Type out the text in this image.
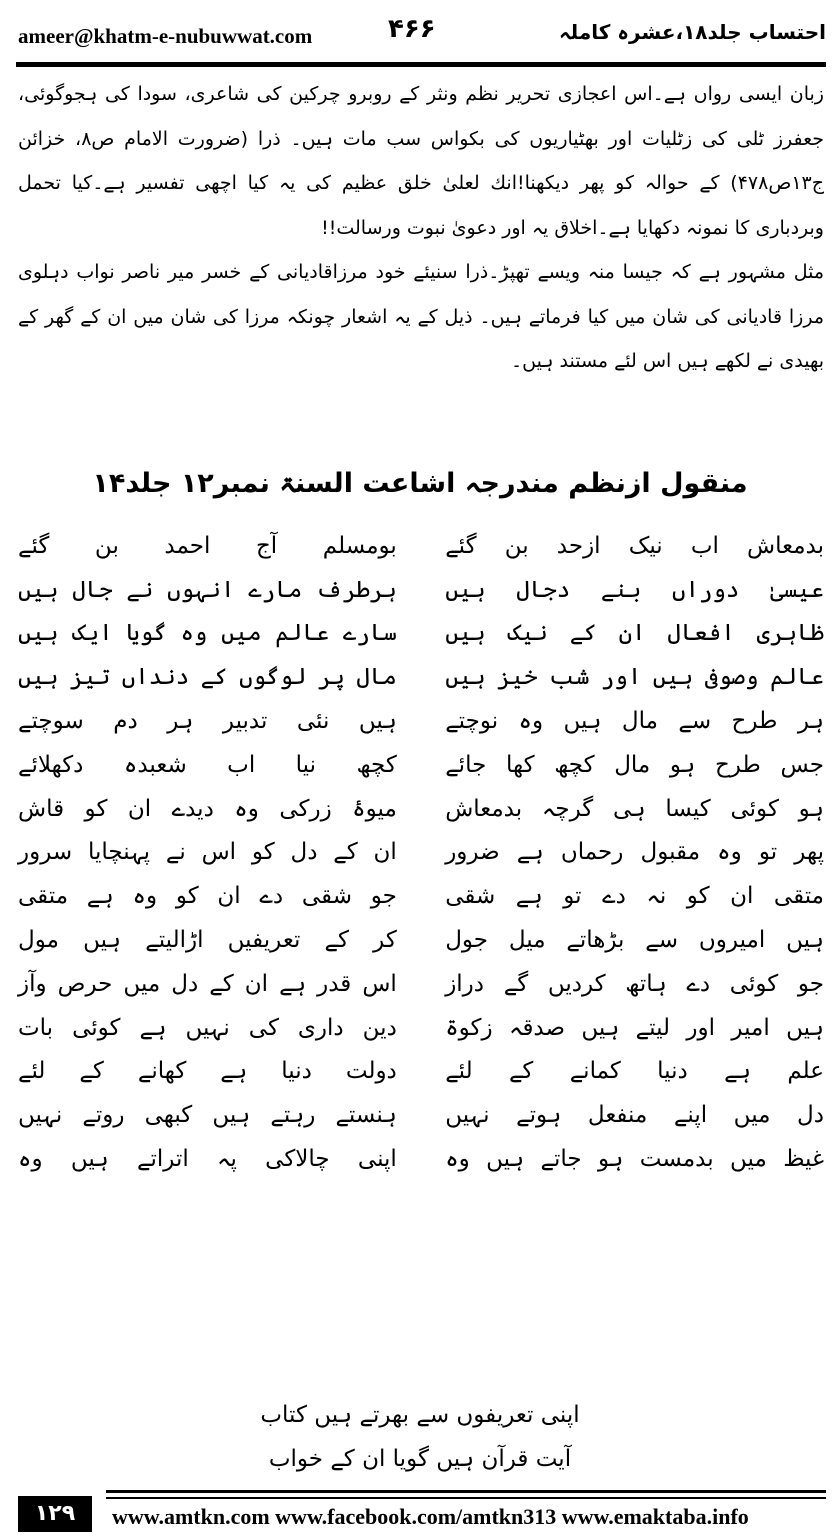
ameer@khatm-e-nubuwwat.com	۴۶۶	احتساب جلد۱۸،عشرہ کاملہ

زبان ایسی رواں ہے۔اس اعجازی تحریر نظم ونثر کے روبرو چرکین کی شاعری، سودا کی ہجوگوئی، جعفرز ٹلی کی زٹلیات اور بھٹیاریوں کی بکواس سب مات ہیں۔ ذرا (ضرورت الامام ص۸، خزائن ج۱۳ص۴۷۸) کے حوالہ کو پھر دیکھنا!انك لعلیٰ خلق عظیم کی یہ کیا اچھی تفسیر ہے۔کیا تحمل وبردباری کا نمونہ دکھایا ہے۔اخلاق یہ اور دعویٰ نبوت ورسالت!!

مثل مشہور ہے کہ جیسا منہ ویسے تھپڑ۔ذرا سنیئے خود مرزاقادیانی کے خسر میر ناصر نواب دہلوی مرزا قادیانی کی شان میں کیا فرماتے ہیں۔ ذیل کے یہ اشعار چونکہ مرزا کی شان میں ان کے گھر کے بھیدی نے لکھے ہیں اس لئے مستند ہیں۔

منقول ازنظم مندرجہ اشاعت السنۃ نمبر۱۲ جلد۱۴
بدمعاش اب نیک ازحد بن گئے
بومسلم آج احمد بن گئے
عیسیٰ دوراں بنے دجال ہیں
ہرطرف مارے انہوں نے جال ہیں
ظاہری افعال ان کے نیک ہیں
سارے عالم میں وہ گویا ایک ہیں
عالم وصوفی ہیں اور شب خیز ہیں
مال پر لوگوں کے دنداں تیز ہیں
ہر طرح سے مال ہیں وہ نوچتے
ہیں نئی تدبیر ہر دم سوچتے
جس طرح ہو مال کچھ کھا جائے
کچھ نیا اب شعبدہ دکھلائے
ہو کوئی کیسا ہی گرچہ بدمعاش
میوۂ زرکی وہ دیدے ان کو قاش
پھر تو وہ مقبول رحماں ہے ضرور
ان کے دل کو اس نے پہنچایا سرور
متقی ان کو نہ دے تو ہے شقی
جو شقی دے ان کو وہ ہے متقی
ہیں امیروں سے بڑھاتے میل جول
کر کے تعریفیں اڑالیتے ہیں مول
جو کوئی دے ہاتھ کردیں گے دراز
اس قدر ہے ان کے دل میں حرص وآز
ہیں امیر اور لیتے ہیں صدقہ زکوۃ
دین داری کی نہیں ہے کوئی بات
علم ہے دنیا کمانے کے لئے
دولت دنیا ہے کھانے کے لئے
دل میں اپنے منفعل ہوتے نہیں
ہنستے رہتے ہیں کبھی روتے نہیں
غیظ میں بدمست ہو جاتے ہیں وہ
اپنی چالاکی پہ اتراتے ہیں وہ
اپنی تعریفوں سے بھرتے ہیں کتاب
آیت قرآن ہیں گویا ان کے خواب
۱۲۹	www.amtkn.com www.facebook.com/amtkn313 www.emaktaba.info
